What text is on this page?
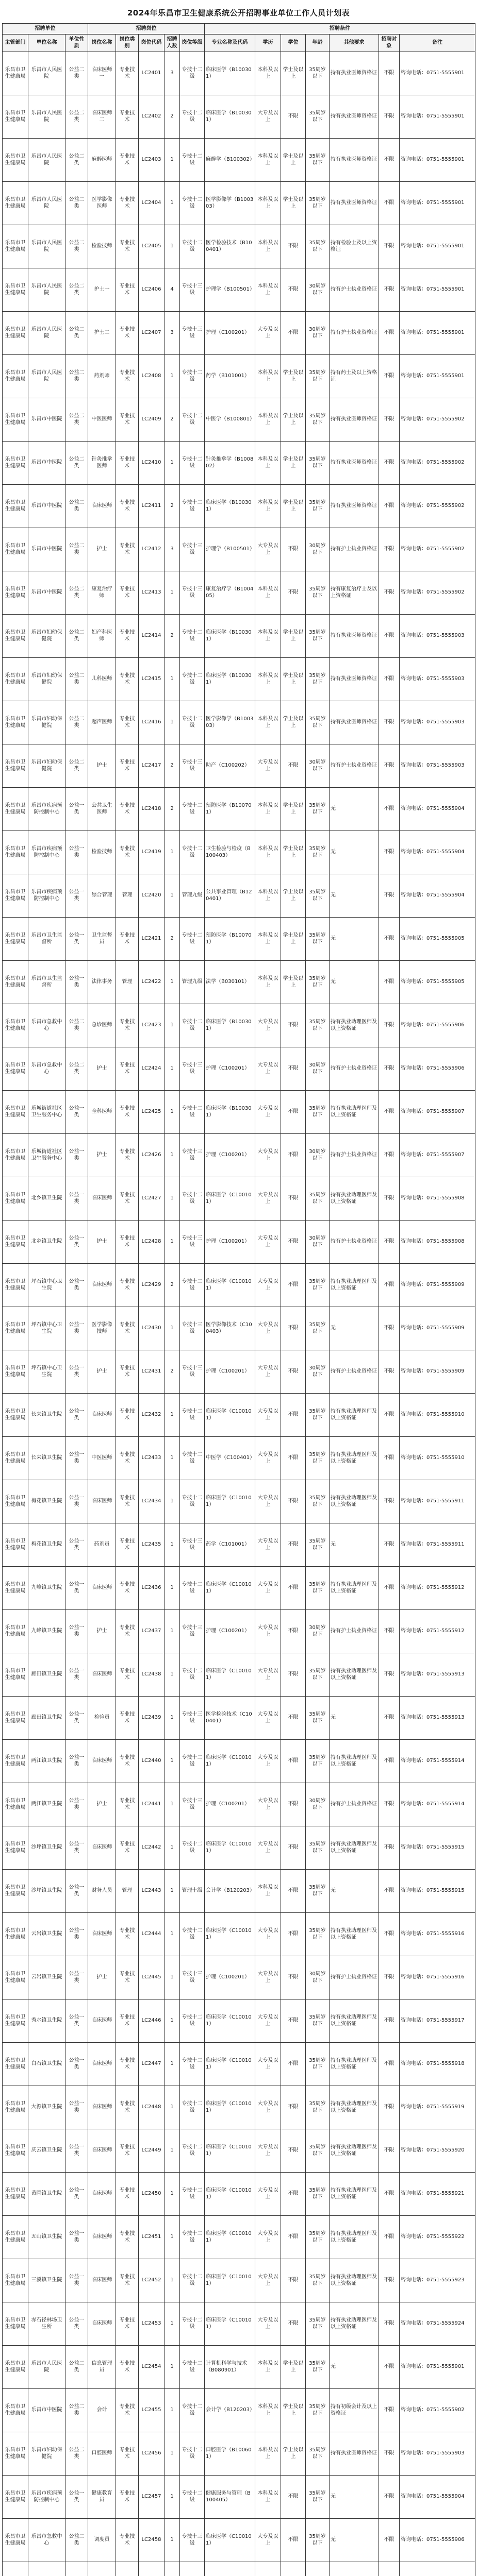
2024年乐昌市卫生健康系统公开招聘事业单位工作人员计划表
招聘单位			招聘岗位					招聘条件						
主管部门	单位名称	单位性质	岗位名称	岗位类别	岗位代码	招聘人数	岗位等级	专业名称及代码	学历	学位	年龄	其他要求	招聘对象	备注
乐昌市卫生健康局	乐昌市人民医院	公益二类	临床医师一	专业技术	LC2401	3	专技十二级	临床医学（B100301）	本科及以上	学士及以上	35周岁以下	持有执业医师资格证	不限	咨询电话：0751-5555901
乐昌市卫生健康局	乐昌市人民医院	公益二类	临床医师二	专业技术	LC2402	2	专技十二级	临床医学（B100301）	大专及以上	不限	35周岁以下	持有执业医师资格证	不限	咨询电话：0751-5555901
乐昌市卫生健康局	乐昌市人民医院	公益二类	麻醉医师	专业技术	LC2403	1	专技十二级	麻醉学（B100302）	本科及以上	学士及以上	35周岁以下	持有执业医师资格证	不限	咨询电话：0751-5555901
乐昌市卫生健康局	乐昌市人民医院	公益二类	医学影像医师	专业技术	LC2404	1	专技十二级	医学影像学（B100303）	本科及以上	学士及以上	35周岁以下	持有执业医师资格证	不限	咨询电话：0751-5555901
乐昌市卫生健康局	乐昌市人民医院	公益二类	检验技师	专业技术	LC2405	1	专技十二级	医学检验技术（B100401）	本科及以上	不限	35周岁以下	持有检验士及以上资格证	不限	咨询电话：0751-5555901
乐昌市卫生健康局	乐昌市人民医院	公益二类	护士一	专业技术	LC2406	4	专技十三级	护理学（B100501）	本科及以上	不限	30周岁以下	持有护士执业资格证	不限	咨询电话：0751-5555901
乐昌市卫生健康局	乐昌市人民医院	公益二类	护士二	专业技术	LC2407	3	专技十三级	护理（C100201）	大专及以上	不限	30周岁以下	持有护士执业资格证	不限	咨询电话：0751-5555901
乐昌市卫生健康局	乐昌市人民医院	公益二类	药剂师	专业技术	LC2408	1	专技十二级	药学（B101001）	本科及以上	学士及以上	35周岁以下	持有药士及以上资格证	不限	咨询电话：0751-5555901
乐昌市卫生健康局	乐昌市中医院	公益二类	中医医师	专业技术	LC2409	2	专技十二级	中医学（B100801）	本科及以上	学士及以上	35周岁以下	持有执业医师资格证	不限	咨询电话：0751-5555902
乐昌市卫生健康局	乐昌市中医院	公益二类	针灸推拿医师	专业技术	LC2410	1	专技十二级	针灸推拿学（B100802）	本科及以上	学士及以上	35周岁以下	持有执业医师资格证	不限	咨询电话：0751-5555902
乐昌市卫生健康局	乐昌市中医院	公益二类	临床医师	专业技术	LC2411	2	专技十二级	临床医学（B100301）	本科及以上	学士及以上	35周岁以下	持有执业医师资格证	不限	咨询电话：0751-5555902
乐昌市卫生健康局	乐昌市中医院	公益二类	护士	专业技术	LC2412	3	专技十三级	护理学（B100501）	大专及以上	不限	30周岁以下	持有护士执业资格证	不限	咨询电话：0751-5555902
乐昌市卫生健康局	乐昌市中医院	公益二类	康复治疗师	专业技术	LC2413	1	专技十三级	康复治疗学（B100405）	本科及以上	不限	35周岁以下	持有康复治疗士及以上资格证	不限	咨询电话：0751-5555902
乐昌市卫生健康局	乐昌市妇幼保健院	公益二类	妇产科医师	专业技术	LC2414	2	专技十二级	临床医学（B100301）	本科及以上	学士及以上	35周岁以下	持有执业医师资格证	不限	咨询电话：0751-5555903
乐昌市卫生健康局	乐昌市妇幼保健院	公益二类	儿科医师	专业技术	LC2415	1	专技十二级	临床医学（B100301）	本科及以上	学士及以上	35周岁以下	持有执业医师资格证	不限	咨询电话：0751-5555903
乐昌市卫生健康局	乐昌市妇幼保健院	公益二类	超声医师	专业技术	LC2416	1	专技十二级	医学影像学（B100303）	本科及以上	学士及以上	35周岁以下	持有执业医师资格证	不限	咨询电话：0751-5555903
乐昌市卫生健康局	乐昌市妇幼保健院	公益二类	护士	专业技术	LC2417	2	专技十三级	助产（C100202）	大专及以上	不限	30周岁以下	持有护士执业资格证	不限	咨询电话：0751-5555903
乐昌市卫生健康局	乐昌市疾病预防控制中心	公益一类	公共卫生医师	专业技术	LC2418	2	专技十二级	预防医学（B100701）	本科及以上	学士及以上	35周岁以下	无	不限	咨询电话：0751-5555904
乐昌市卫生健康局	乐昌市疾病预防控制中心	公益一类	检验技师	专业技术	LC2419	1	专技十二级	卫生检验与检疫（B100403）	本科及以上	学士及以上	35周岁以下	无	不限	咨询电话：0751-5555904
乐昌市卫生健康局	乐昌市疾病预防控制中心	公益一类	综合管理	管理	LC2420	1	管理九级	公共事业管理（B120401）	本科及以上	学士及以上	35周岁以下	无	不限	咨询电话：0751-5555904
乐昌市卫生健康局	乐昌市卫生监督所	公益一类	卫生监督员	专业技术	LC2421	2	专技十二级	预防医学（B100701）	本科及以上	学士及以上	35周岁以下	无	不限	咨询电话：0751-5555905
乐昌市卫生健康局	乐昌市卫生监督所	公益一类	法律事务	管理	LC2422	1	管理九级	法学（B030101）	本科及以上	学士及以上	35周岁以下	无	不限	咨询电话：0751-5555905
乐昌市卫生健康局	乐昌市急救中心	公益二类	急诊医师	专业技术	LC2423	1	专技十二级	临床医学（B100301）	大专及以上	不限	35周岁以下	持有执业助理医师及以上资格证	不限	咨询电话：0751-5555906
乐昌市卫生健康局	乐昌市急救中心	公益二类	护士	专业技术	LC2424	1	专技十三级	护理（C100201）	大专及以上	不限	30周岁以下	持有护士执业资格证	不限	咨询电话：0751-5555906
乐昌市卫生健康局	乐城街道社区卫生服务中心	公益一类	全科医师	专业技术	LC2425	1	专技十二级	临床医学（B100301）	大专及以上	不限	35周岁以下	持有执业助理医师及以上资格证	不限	咨询电话：0751-5555907
乐昌市卫生健康局	乐城街道社区卫生服务中心	公益一类	护士	专业技术	LC2426	1	专技十三级	护理（C100201）	大专及以上	不限	30周岁以下	持有护士执业资格证	不限	咨询电话：0751-5555907
乐昌市卫生健康局	北乡镇卫生院	公益一类	临床医师	专业技术	LC2427	1	专技十二级	临床医学（C100101）	大专及以上	不限	35周岁以下	持有执业助理医师及以上资格证	不限	咨询电话：0751-5555908
乐昌市卫生健康局	北乡镇卫生院	公益一类	护士	专业技术	LC2428	1	专技十三级	护理（C100201）	大专及以上	不限	30周岁以下	持有护士执业资格证	不限	咨询电话：0751-5555908
乐昌市卫生健康局	坪石镇中心卫生院	公益一类	临床医师	专业技术	LC2429	2	专技十二级	临床医学（C100101）	大专及以上	不限	35周岁以下	持有执业助理医师及以上资格证	不限	咨询电话：0751-5555909
乐昌市卫生健康局	坪石镇中心卫生院	公益一类	医学影像技师	专业技术	LC2430	1	专技十三级	医学影像技术（C100403）	大专及以上	不限	35周岁以下	无	不限	咨询电话：0751-5555909
乐昌市卫生健康局	坪石镇中心卫生院	公益一类	护士	专业技术	LC2431	2	专技十三级	护理（C100201）	大专及以上	不限	30周岁以下	持有护士执业资格证	不限	咨询电话：0751-5555909
乐昌市卫生健康局	长来镇卫生院	公益一类	临床医师	专业技术	LC2432	1	专技十二级	临床医学（C100101）	大专及以上	不限	35周岁以下	持有执业助理医师及以上资格证	不限	咨询电话：0751-5555910
乐昌市卫生健康局	长来镇卫生院	公益一类	中医医师	专业技术	LC2433	1	专技十二级	中医学（C100401）	大专及以上	不限	35周岁以下	持有执业助理医师及以上资格证	不限	咨询电话：0751-5555910
乐昌市卫生健康局	梅花镇卫生院	公益一类	临床医师	专业技术	LC2434	1	专技十二级	临床医学（C100101）	大专及以上	不限	35周岁以下	持有执业助理医师及以上资格证	不限	咨询电话：0751-5555911
乐昌市卫生健康局	梅花镇卫生院	公益一类	药剂员	专业技术	LC2435	1	专技十三级	药学（C101001）	大专及以上	不限	35周岁以下	无	不限	咨询电话：0751-5555911
乐昌市卫生健康局	九峰镇卫生院	公益一类	临床医师	专业技术	LC2436	1	专技十二级	临床医学（C100101）	大专及以上	不限	35周岁以下	持有执业助理医师及以上资格证	不限	咨询电话：0751-5555912
乐昌市卫生健康局	九峰镇卫生院	公益一类	护士	专业技术	LC2437	1	专技十三级	护理（C100201）	大专及以上	不限	30周岁以下	持有护士执业资格证	不限	咨询电话：0751-5555912
乐昌市卫生健康局	廊田镇卫生院	公益一类	临床医师	专业技术	LC2438	1	专技十二级	临床医学（C100101）	大专及以上	不限	35周岁以下	持有执业助理医师及以上资格证	不限	咨询电话：0751-5555913
乐昌市卫生健康局	廊田镇卫生院	公益一类	检验员	专业技术	LC2439	1	专技十三级	医学检验技术（C100401）	大专及以上	不限	35周岁以下	无	不限	咨询电话：0751-5555913
乐昌市卫生健康局	两江镇卫生院	公益一类	临床医师	专业技术	LC2440	1	专技十二级	临床医学（C100101）	大专及以上	不限	35周岁以下	持有执业助理医师及以上资格证	不限	咨询电话：0751-5555914
乐昌市卫生健康局	两江镇卫生院	公益一类	护士	专业技术	LC2441	1	专技十三级	护理（C100201）	大专及以上	不限	30周岁以下	持有护士执业资格证	不限	咨询电话：0751-5555914
乐昌市卫生健康局	沙坪镇卫生院	公益一类	临床医师	专业技术	LC2442	1	专技十二级	临床医学（C100101）	大专及以上	不限	35周岁以下	持有执业助理医师及以上资格证	不限	咨询电话：0751-5555915
乐昌市卫生健康局	沙坪镇卫生院	公益一类	财务人员	管理	LC2443	1	管理十级	会计学（B120203）	本科及以上	不限	35周岁以下	无	不限	咨询电话：0751-5555915
乐昌市卫生健康局	云岩镇卫生院	公益一类	临床医师	专业技术	LC2444	1	专技十二级	临床医学（C100101）	大专及以上	不限	35周岁以下	持有执业助理医师及以上资格证	不限	咨询电话：0751-5555916
乐昌市卫生健康局	云岩镇卫生院	公益一类	护士	专业技术	LC2445	1	专技十三级	护理（C100201）	大专及以上	不限	30周岁以下	持有护士执业资格证	不限	咨询电话：0751-5555916
乐昌市卫生健康局	秀水镇卫生院	公益一类	临床医师	专业技术	LC2446	1	专技十二级	临床医学（C100101）	大专及以上	不限	35周岁以下	持有执业助理医师及以上资格证	不限	咨询电话：0751-5555917
乐昌市卫生健康局	白石镇卫生院	公益一类	临床医师	专业技术	LC2447	1	专技十二级	临床医学（C100101）	大专及以上	不限	35周岁以下	持有执业助理医师及以上资格证	不限	咨询电话：0751-5555918
乐昌市卫生健康局	大源镇卫生院	公益一类	临床医师	专业技术	LC2448	1	专技十二级	临床医学（C100101）	大专及以上	不限	35周岁以下	持有执业助理医师及以上资格证	不限	咨询电话：0751-5555919
乐昌市卫生健康局	庆云镇卫生院	公益一类	临床医师	专业技术	LC2449	1	专技十二级	临床医学（C100101）	大专及以上	不限	35周岁以下	持有执业助理医师及以上资格证	不限	咨询电话：0751-5555920
乐昌市卫生健康局	黄圃镇卫生院	公益一类	临床医师	专业技术	LC2450	1	专技十二级	临床医学（C100101）	大专及以上	不限	35周岁以下	持有执业助理医师及以上资格证	不限	咨询电话：0751-5555921
乐昌市卫生健康局	五山镇卫生院	公益一类	临床医师	专业技术	LC2451	1	专技十二级	临床医学（C100101）	大专及以上	不限	35周岁以下	持有执业助理医师及以上资格证	不限	咨询电话：0751-5555922
乐昌市卫生健康局	三溪镇卫生院	公益一类	临床医师	专业技术	LC2452	1	专技十二级	临床医学（C100101）	大专及以上	不限	35周岁以下	持有执业助理医师及以上资格证	不限	咨询电话：0751-5555923
乐昌市卫生健康局	赤石径林场卫生所	公益一类	临床医师	专业技术	LC2453	1	专技十二级	临床医学（C100101）	大专及以上	不限	35周岁以下	持有执业助理医师及以上资格证	不限	咨询电话：0751-5555924
乐昌市卫生健康局	乐昌市人民医院	公益二类	信息管理员	专业技术	LC2454	1	专技十二级	计算机科学与技术（B080901）	本科及以上	学士及以上	35周岁以下	无	不限	咨询电话：0751-5555901
乐昌市卫生健康局	乐昌市中医院	公益二类	会计	专业技术	LC2455	1	专技十二级	会计学（B120203）	本科及以上	学士及以上	35周岁以下	持有初级会计及以上资格证	不限	咨询电话：0751-5555902
乐昌市卫生健康局	乐昌市妇幼保健院	公益二类	口腔医师	专业技术	LC2456	1	专技十二级	口腔医学（B100601）	本科及以上	学士及以上	35周岁以下	持有执业医师资格证	不限	咨询电话：0751-5555903
乐昌市卫生健康局	乐昌市疾病预防控制中心	公益一类	健康教育员	专业技术	LC2457	1	专技十二级	健康服务与管理（B100405）	本科及以上	不限	35周岁以下	无	不限	咨询电话：0751-5555904
乐昌市卫生健康局	乐昌市急救中心	公益二类	调度员	专业技术	LC2458	1	专技十三级	临床医学（C100101）	大专及以上	不限	35周岁以下	无	不限	咨询电话：0751-5555906
